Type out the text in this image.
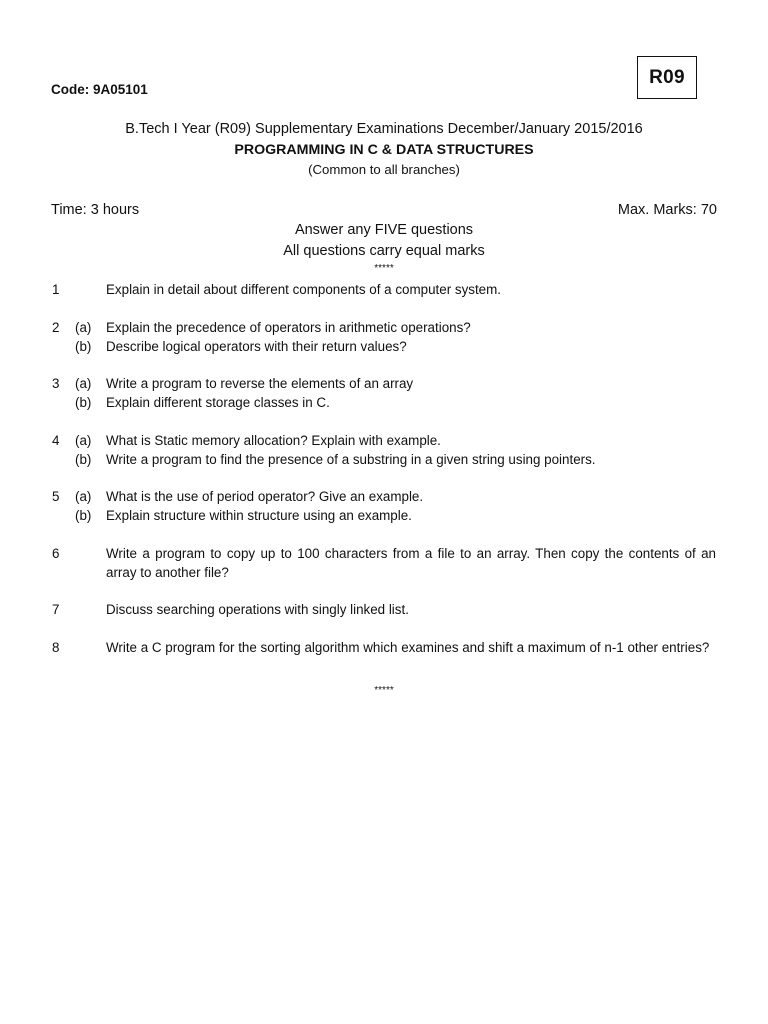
Code: 9A05101
R09
B.Tech I Year (R09) Supplementary Examinations December/January 2015/2016
PROGRAMMING IN C & DATA STRUCTURES
(Common to all branches)
Time: 3 hours	Max. Marks: 70
Answer any FIVE questions
All questions carry equal marks
*****
1	Explain in detail about different components of a computer system.
2 (a) Explain the precedence of operators in arithmetic operations?
(b) Describe logical operators with their return values?
3 (a) Write a program to reverse the elements of an array
(b) Explain different storage classes in C.
4 (a) What is Static memory allocation? Explain with example.
(b) Write a program to find the presence of a substring in a given string using pointers.
5 (a) What is the use of period operator? Give an example.
(b) Explain structure within structure using an example.
6	Write a program to copy up to 100 characters from a file to an array. Then copy the contents of an array to another file?
7	Discuss searching operations with singly linked list.
8	Write a C program for the sorting algorithm which examines and shift a maximum of n-1 other entries?
*****
